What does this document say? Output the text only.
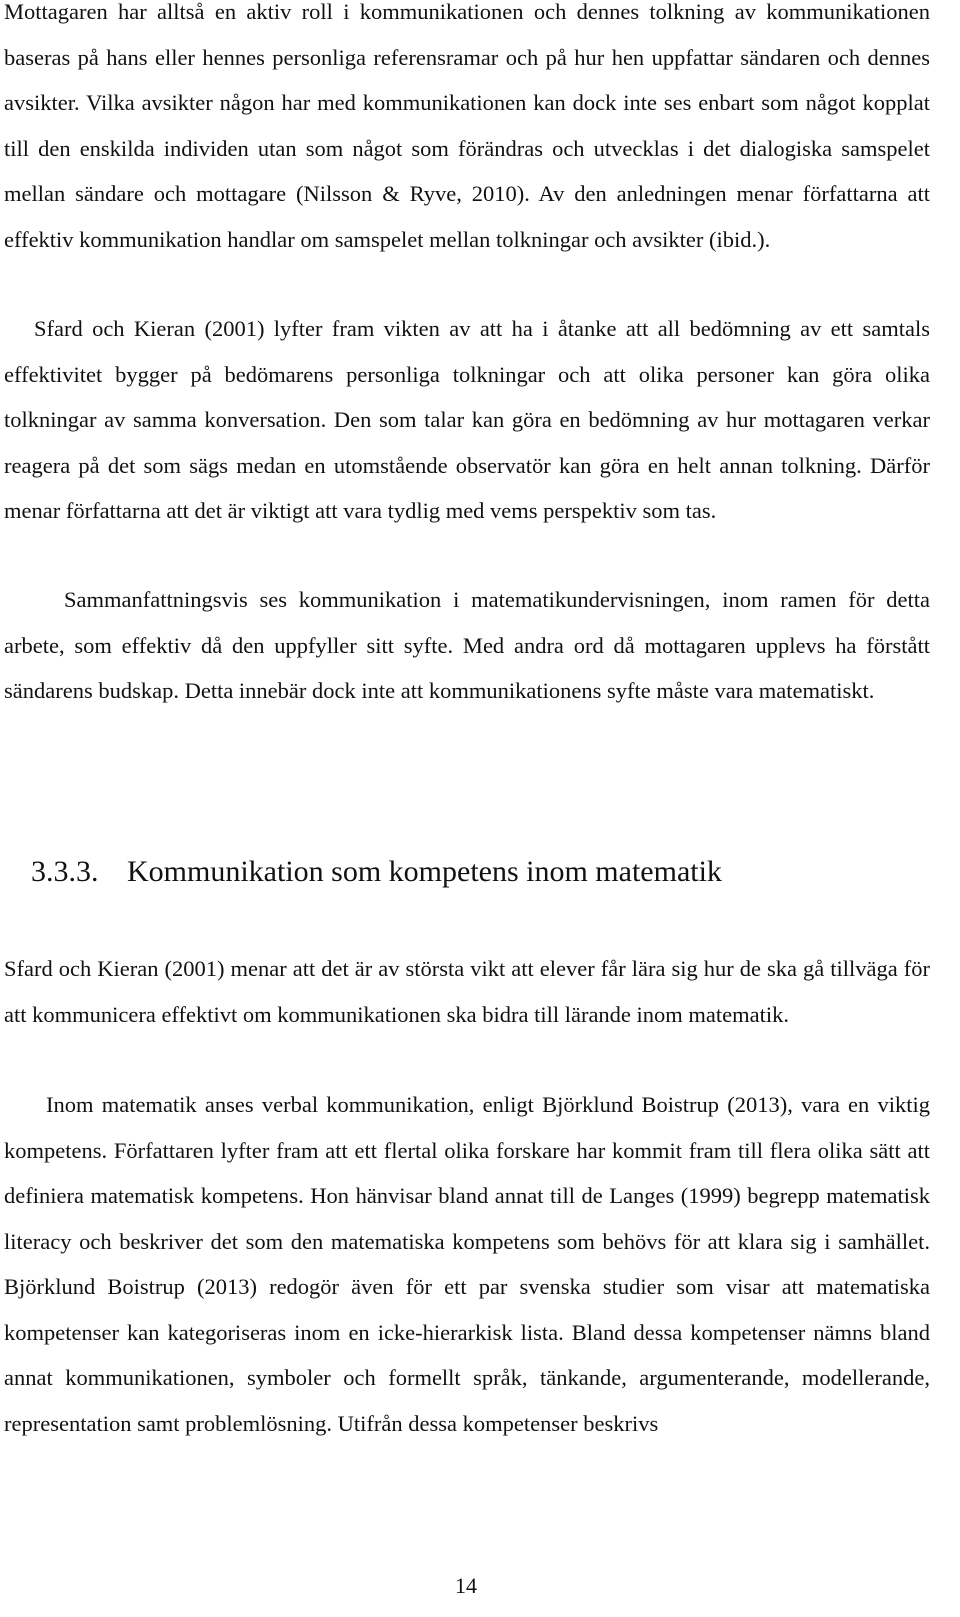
Mottagaren har alltså en aktiv roll i kommunikationen och dennes tolkning av kommunikationen baseras på hans eller hennes personliga referensramar och på hur hen uppfattar sändaren och dennes avsikter. Vilka avsikter någon har med kommunikationen kan dock inte ses enbart som något kopplat till den enskilda individen utan som något som förändras och utvecklas i det dialogiska samspelet mellan sändare och mottagare (Nilsson & Ryve, 2010). Av den anledningen menar författarna att effektiv kommunikation handlar om samspelet mellan tolkningar och avsikter (ibid.).

Sfard och Kieran (2001) lyfter fram vikten av att ha i åtanke att all bedömning av ett samtals effektivitet bygger på bedömarens personliga tolkningar och att olika personer kan göra olika tolkningar av samma konversation. Den som talar kan göra en bedömning av hur mottagaren verkar reagera på det som sägs medan en utomstående observatör kan göra en helt annan tolkning. Därför menar författarna att det är viktigt att vara tydlig med vems perspektiv som tas.

Sammanfattningsvis ses kommunikation i matematikundervisningen, inom ramen för detta arbete, som effektiv då den uppfyller sitt syfte. Med andra ord då mottagaren upplevs ha förstått sändarens budskap. Detta innebär dock inte att kommunikationens syfte måste vara matematiskt.

3.3.3. Kommunikation som kompetens inom matematik

Sfard och Kieran (2001) menar att det är av största vikt att elever får lära sig hur de ska gå tillväga för att kommunicera effektivt om kommunikationen ska bidra till lärande inom matematik.

Inom matematik anses verbal kommunikation, enligt Björklund Boistrup (2013), vara en viktig kompetens. Författaren lyfter fram att ett flertal olika forskare har kommit fram till flera olika sätt att definiera matematisk kompetens. Hon hänvisar bland annat till de Langes (1999) begrepp matematisk literacy och beskriver det som den matematiska kompetens som behövs för att klara sig i samhället. Björklund Boistrup (2013) redogör även för ett par svenska studier som visar att matematiska kompetenser kan kategoriseras inom en icke-hierarkisk lista. Bland dessa kompetenser nämns bland annat kommunikationen, symboler och formellt språk, tänkande, argumenterande, modellerande, representation samt problemlösning. Utifrån dessa kompetenser beskrivs

14
